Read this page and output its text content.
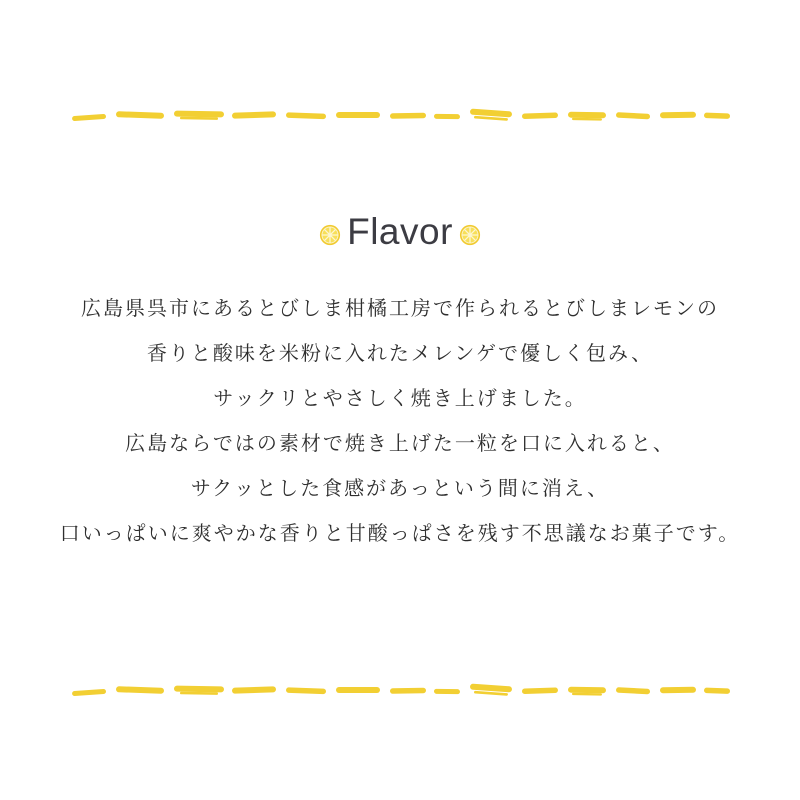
Flavor

広島県呉市にあるとびしま柑橘工房で作られるとびしまレモンの

香りと酸味を米粉に入れたメレンゲで優しく包み、

サックリとやさしく焼き上げました。

広島ならではの素材で焼き上げた一粒を口に入れると、

サクッとした食感があっという間に消え、

口いっぱいに爽やかな香りと甘酸っぱさを残す不思議なお菓子です。
